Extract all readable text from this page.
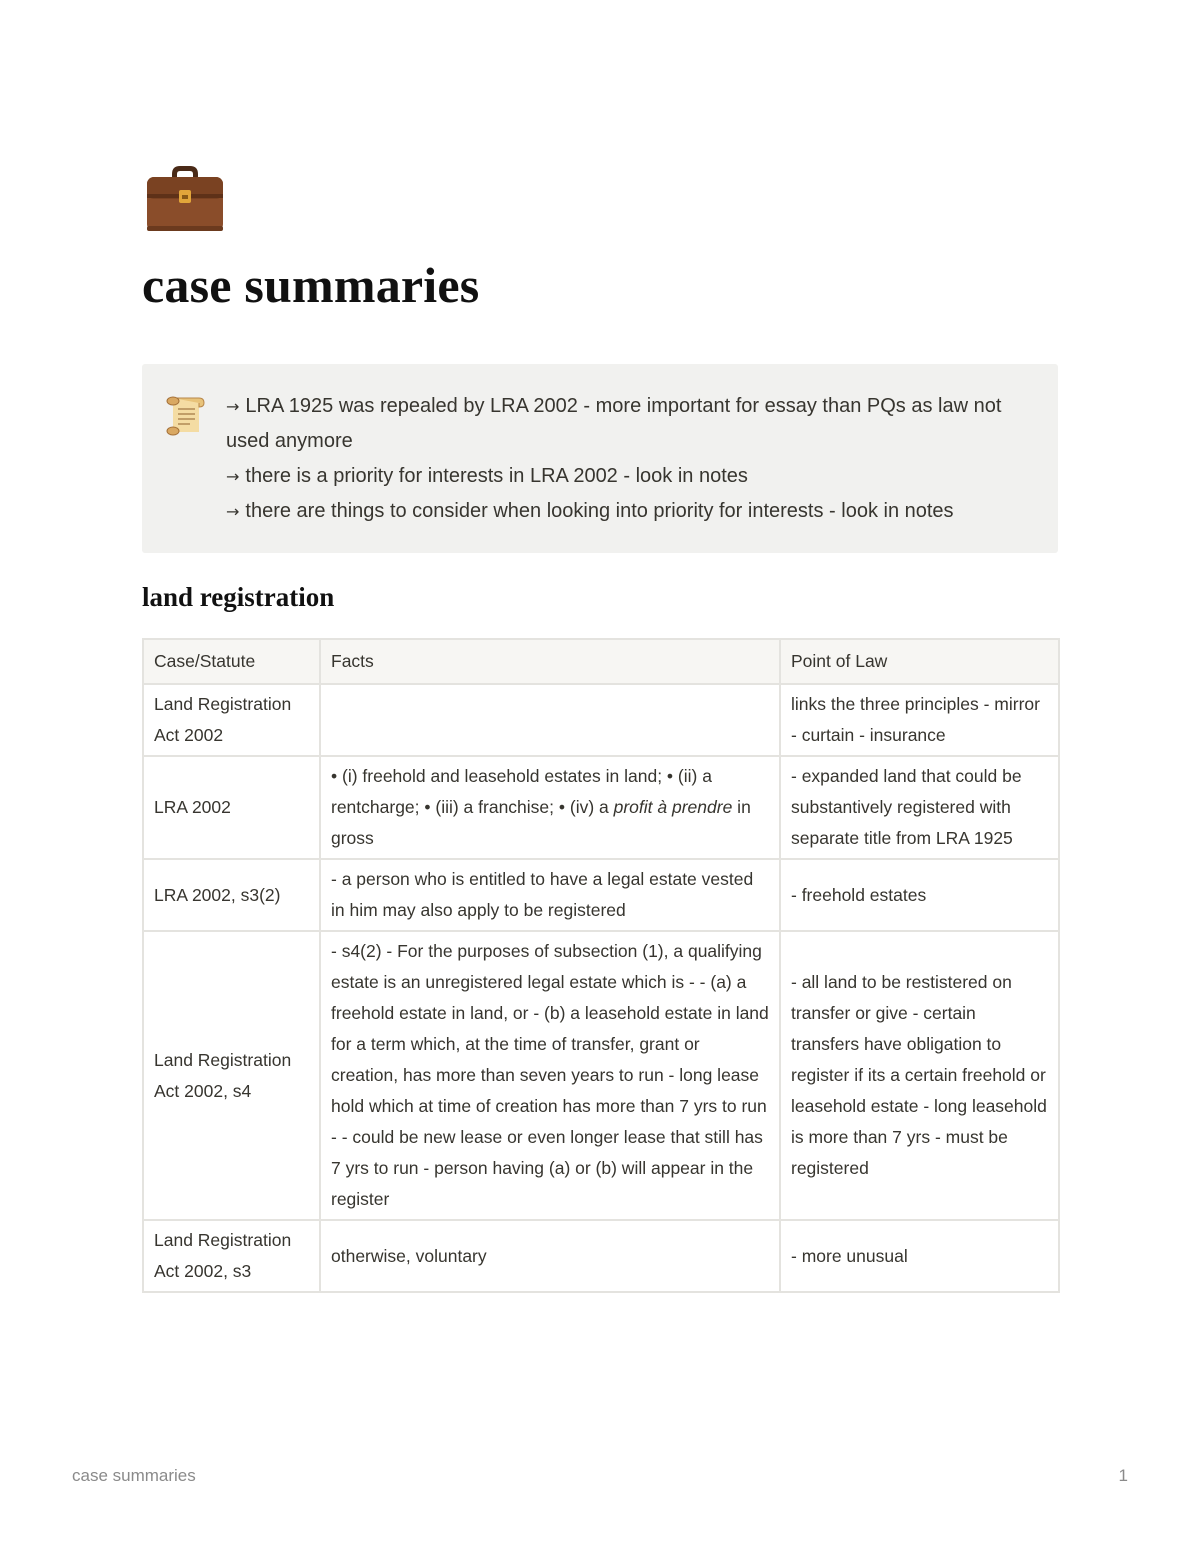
case summaries
→ LRA 1925 was repealed by LRA 2002 - more important for essay than PQs as law not used anymore
→ there is a priority for interests in LRA 2002 - look in notes
→ there are things to consider when looking into priority for interests - look in notes
land registration
Case/Statute	Facts	Point of Law
Land Registration Act 2002		links the three principles - mirror - curtain - insurance
LRA 2002	• (i) freehold and leasehold estates in land; • (ii) a rentcharge; • (iii) a franchise; • (iv) a profit à prendre in gross	- expanded land that could be substantively registered with separate title from LRA 1925
LRA 2002, s3(2)	- a person who is entitled to have a legal estate vested in him may also apply to be registered	- freehold estates
Land Registration Act 2002, s4	- s4(2) - For the purposes of subsection (1), a qualifying estate is an unregistered legal estate which is - - (a) a freehold estate in land, or - (b) a leasehold estate in land for a term which, at the time of transfer, grant or creation, has more than seven years to run - long lease hold which at time of creation has more than 7 yrs to run - - could be new lease or even longer lease that still has 7 yrs to run - person having (a) or (b) will appear in the register	- all land to be restistered on transfer or give - certain transfers have obligation to register if its a certain freehold or leasehold estate - long leasehold is more than 7 yrs - must be registered
Land Registration Act 2002, s3	otherwise, voluntary	- more unusual
case summaries	1
